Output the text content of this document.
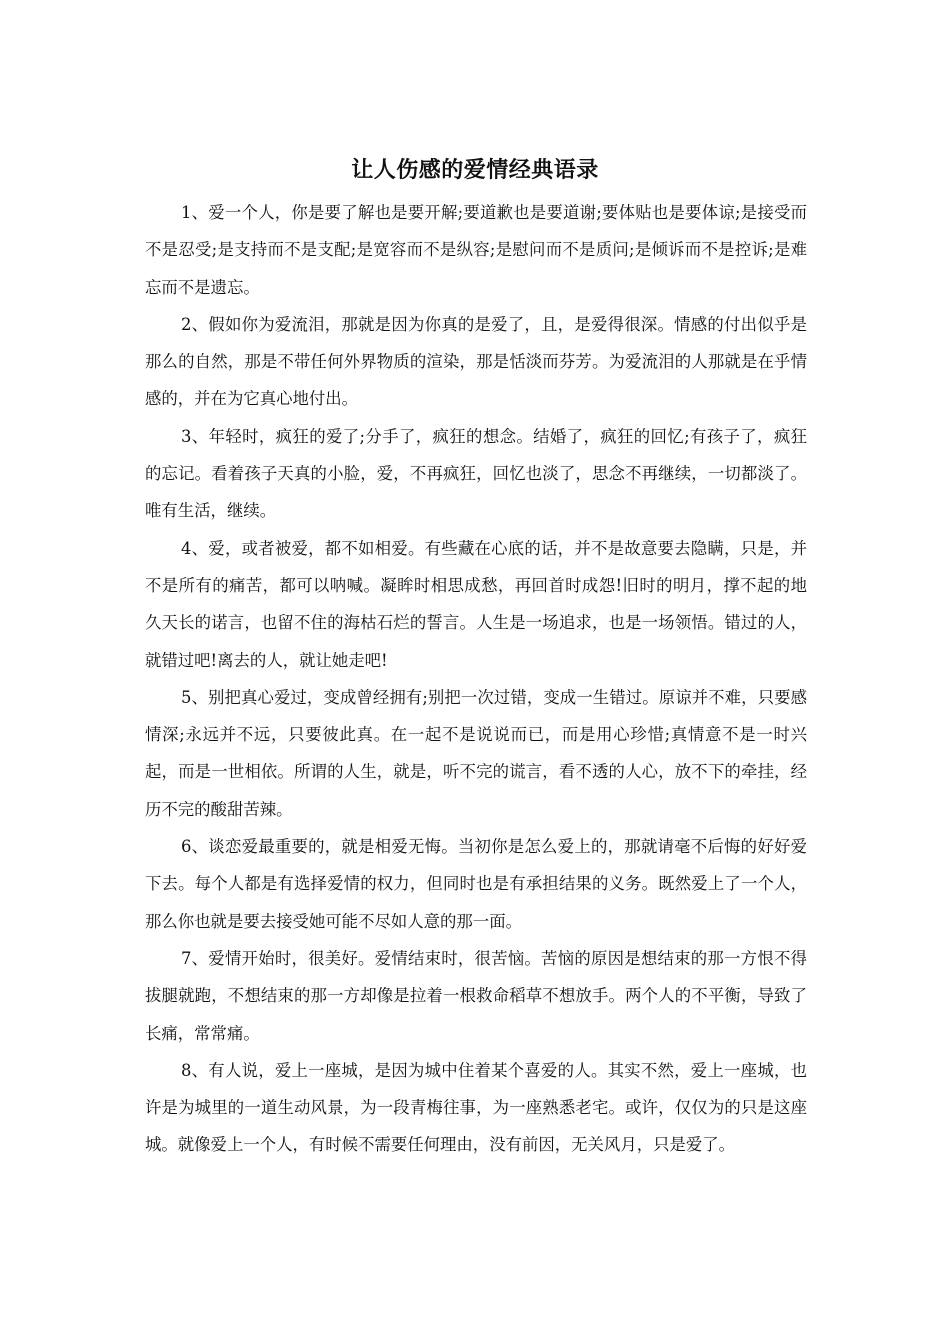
让人伤感的爱情经典语录

1、爱一个人，你是要了解也是要开解;要道歉也是要道谢;要体贴也是要体谅;是接受而不是忍受;是支持而不是支配;是宽容而不是纵容;是慰问而不是质问;是倾诉而不是控诉;是难忘而不是遗忘。

2、假如你为爱流泪，那就是因为你真的是爱了，且，是爱得很深。情感的付出似乎是那么的自然，那是不带任何外界物质的渲染，那是恬淡而芬芳。为爱流泪的人那就是在乎情感的，并在为它真心地付出。

3、年轻时，疯狂的爱了;分手了，疯狂的想念。结婚了，疯狂的回忆;有孩子了，疯狂的忘记。看着孩子天真的小脸，爱，不再疯狂，回忆也淡了，思念不再继续，一切都淡了。唯有生活，继续。

4、爱，或者被爱，都不如相爱。有些藏在心底的话，并不是故意要去隐瞒，只是，并不是所有的痛苦，都可以呐喊。凝眸时相思成愁，再回首时成怨!旧时的明月，撑不起的地久天长的诺言，也留不住的海枯石烂的誓言。人生是一场追求，也是一场领悟。错过的人，就错过吧!离去的人，就让她走吧!

5、别把真心爱过，变成曾经拥有;别把一次过错，变成一生错过。原谅并不难，只要感情深;永远并不远，只要彼此真。在一起不是说说而已，而是用心珍惜;真情意不是一时兴起，而是一世相依。所谓的人生，就是，听不完的谎言，看不透的人心，放不下的牵挂，经历不完的酸甜苦辣。

6、谈恋爱最重要的，就是相爱无悔。当初你是怎么爱上的，那就请毫不后悔的好好爱下去。每个人都是有选择爱情的权力，但同时也是有承担结果的义务。既然爱上了一个人，那么你也就是要去接受她可能不尽如人意的那一面。

7、爱情开始时，很美好。爱情结束时，很苦恼。苦恼的原因是想结束的那一方恨不得拔腿就跑，不想结束的那一方却像是拉着一根救命稻草不想放手。两个人的不平衡，导致了长痛，常常痛。

8、有人说，爱上一座城，是因为城中住着某个喜爱的人。其实不然，爱上一座城，也许是为城里的一道生动风景，为一段青梅往事，为一座熟悉老宅。或许，仅仅为的只是这座城。就像爱上一个人，有时候不需要任何理由，没有前因，无关风月，只是爱了。
